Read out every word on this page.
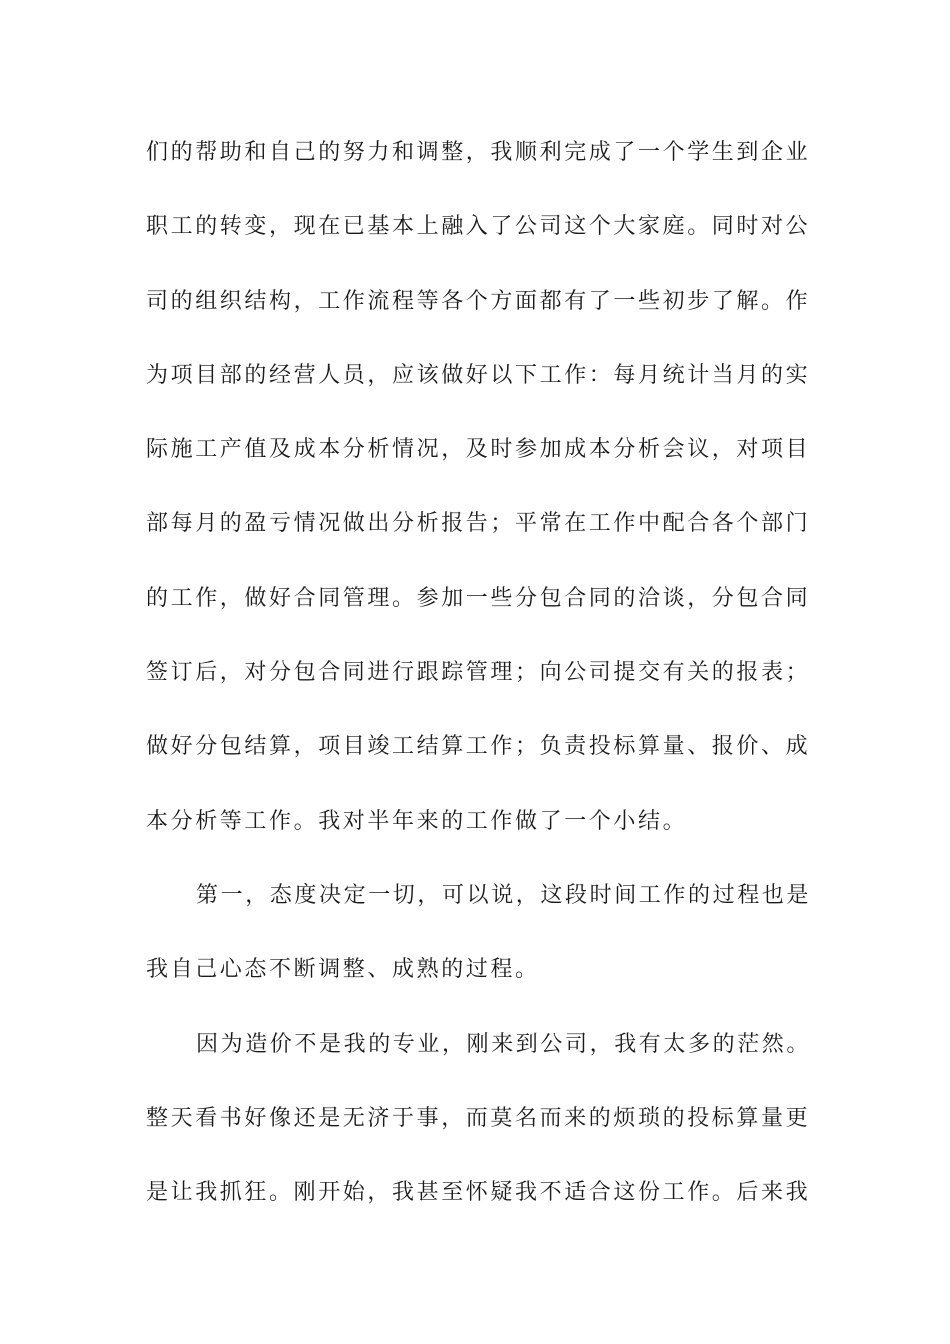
们的帮助和自己的努力和调整，我顺利完成了一个学生到企业
职工的转变，现在已基本上融入了公司这个大家庭。同时对公
司的组织结构，工作流程等各个方面都有了一些初步了解。作
为项目部的经营人员，应该做好以下工作：每月统计当月的实
际施工产值及成本分析情况，及时参加成本分析会议，对项目
部每月的盈亏情况做出分析报告；平常在工作中配合各个部门
的工作，做好合同管理。参加一些分包合同的洽谈，分包合同
签订后，对分包合同进行跟踪管理；向公司提交有关的报表；
做好分包结算，项目竣工结算工作；负责投标算量、报价、成
本分析等工作。我对半年来的工作做了一个小结。
第一，态度决定一切，可以说，这段时间工作的过程也是
我自己心态不断调整、成熟的过程。
因为造价不是我的专业，刚来到公司，我有太多的茫然。
整天看书好像还是无济于事，而莫名而来的烦琐的投标算量更
是让我抓狂。刚开始，我甚至怀疑我不适合这份工作。后来我
